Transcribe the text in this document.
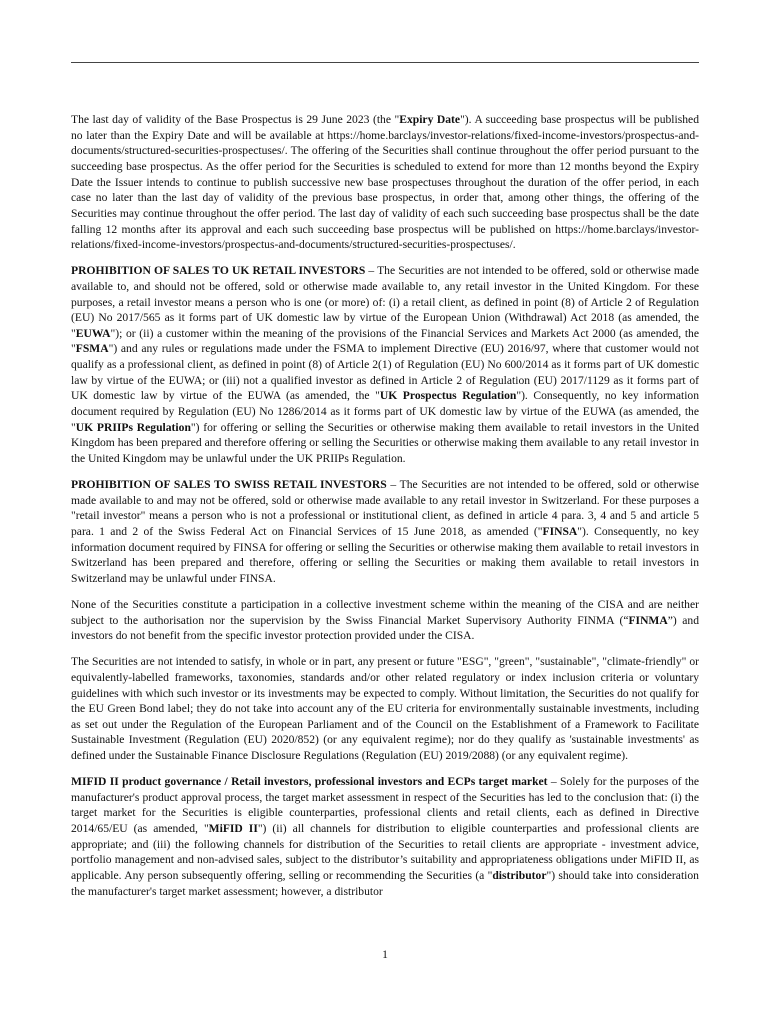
The last day of validity of the Base Prospectus is 29 June 2023 (the "Expiry Date"). A succeeding base prospectus will be published no later than the Expiry Date and will be available at https://home.barclays/investor-relations/fixed-income-investors/prospectus-and-documents/structured-securities-prospectuses/. The offering of the Securities shall continue throughout the offer period pursuant to the succeeding base prospectus. As the offer period for the Securities is scheduled to extend for more than 12 months beyond the Expiry Date the Issuer intends to continue to publish successive new base prospectuses throughout the duration of the offer period, in each case no later than the last day of validity of the previous base prospectus, in order that, among other things, the offering of the Securities may continue throughout the offer period. The last day of validity of each such succeeding base prospectus shall be the date falling 12 months after its approval and each such succeeding base prospectus will be published on https://home.barclays/investor-relations/fixed-income-investors/prospectus-and-documents/structured-securities-prospectuses/.

PROHIBITION OF SALES TO UK RETAIL INVESTORS – The Securities are not intended to be offered, sold or otherwise made available to, and should not be offered, sold or otherwise made available to, any retail investor in the United Kingdom. For these purposes, a retail investor means a person who is one (or more) of: (i) a retail client, as defined in point (8) of Article 2 of Regulation (EU) No 2017/565 as it forms part of UK domestic law by virtue of the European Union (Withdrawal) Act 2018 (as amended, the "EUWA"); or (ii) a customer within the meaning of the provisions of the Financial Services and Markets Act 2000 (as amended, the "FSMA") and any rules or regulations made under the FSMA to implement Directive (EU) 2016/97, where that customer would not qualify as a professional client, as defined in point (8) of Article 2(1) of Regulation (EU) No 600/2014 as it forms part of UK domestic law by virtue of the EUWA; or (iii) not a qualified investor as defined in Article 2 of Regulation (EU) 2017/1129 as it forms part of UK domestic law by virtue of the EUWA (as amended, the "UK Prospectus Regulation"). Consequently, no key information document required by Regulation (EU) No 1286/2014 as it forms part of UK domestic law by virtue of the EUWA (as amended, the "UK PRIIPs Regulation") for offering or selling the Securities or otherwise making them available to retail investors in the United Kingdom has been prepared and therefore offering or selling the Securities or otherwise making them available to any retail investor in the United Kingdom may be unlawful under the UK PRIIPs Regulation.

PROHIBITION OF SALES TO SWISS RETAIL INVESTORS – The Securities are not intended to be offered, sold or otherwise made available to and may not be offered, sold or otherwise made available to any retail investor in Switzerland. For these purposes a "retail investor" means a person who is not a professional or institutional client, as defined in article 4 para. 3, 4 and 5 and article 5 para. 1 and 2 of the Swiss Federal Act on Financial Services of 15 June 2018, as amended ("FINSA"). Consequently, no key information document required by FINSA for offering or selling the Securities or otherwise making them available to retail investors in Switzerland has been prepared and therefore, offering or selling the Securities or making them available to retail investors in Switzerland may be unlawful under FINSA.

None of the Securities constitute a participation in a collective investment scheme within the meaning of the CISA and are neither subject to the authorisation nor the supervision by the Swiss Financial Market Supervisory Authority FINMA (“FINMA”) and investors do not benefit from the specific investor protection provided under the CISA.

The Securities are not intended to satisfy, in whole or in part, any present or future "ESG", "green", "sustainable", "climate-friendly" or equivalently-labelled frameworks, taxonomies, standards and/or other related regulatory or index inclusion criteria or voluntary guidelines with which such investor or its investments may be expected to comply. Without limitation, the Securities do not qualify for the EU Green Bond label; they do not take into account any of the EU criteria for environmentally sustainable investments, including as set out under the Regulation of the European Parliament and of the Council on the Establishment of a Framework to Facilitate Sustainable Investment (Regulation (EU) 2020/852) (or any equivalent regime); nor do they qualify as 'sustainable investments' as defined under the Sustainable Finance Disclosure Regulations (Regulation (EU) 2019/2088) (or any equivalent regime).

MIFID II product governance / Retail investors, professional investors and ECPs target market – Solely for the purposes of the manufacturer's product approval process, the target market assessment in respect of the Securities has led to the conclusion that: (i) the target market for the Securities is eligible counterparties, professional clients and retail clients, each as defined in Directive 2014/65/EU (as amended, "MiFID II") (ii) all channels for distribution to eligible counterparties and professional clients are appropriate; and (iii) the following channels for distribution of the Securities to retail clients are appropriate - investment advice, portfolio management and non-advised sales, subject to the distributor’s suitability and appropriateness obligations under MiFID II, as applicable. Any person subsequently offering, selling or recommending the Securities (a "distributor") should take into consideration the manufacturer's target market assessment; however, a distributor

1
